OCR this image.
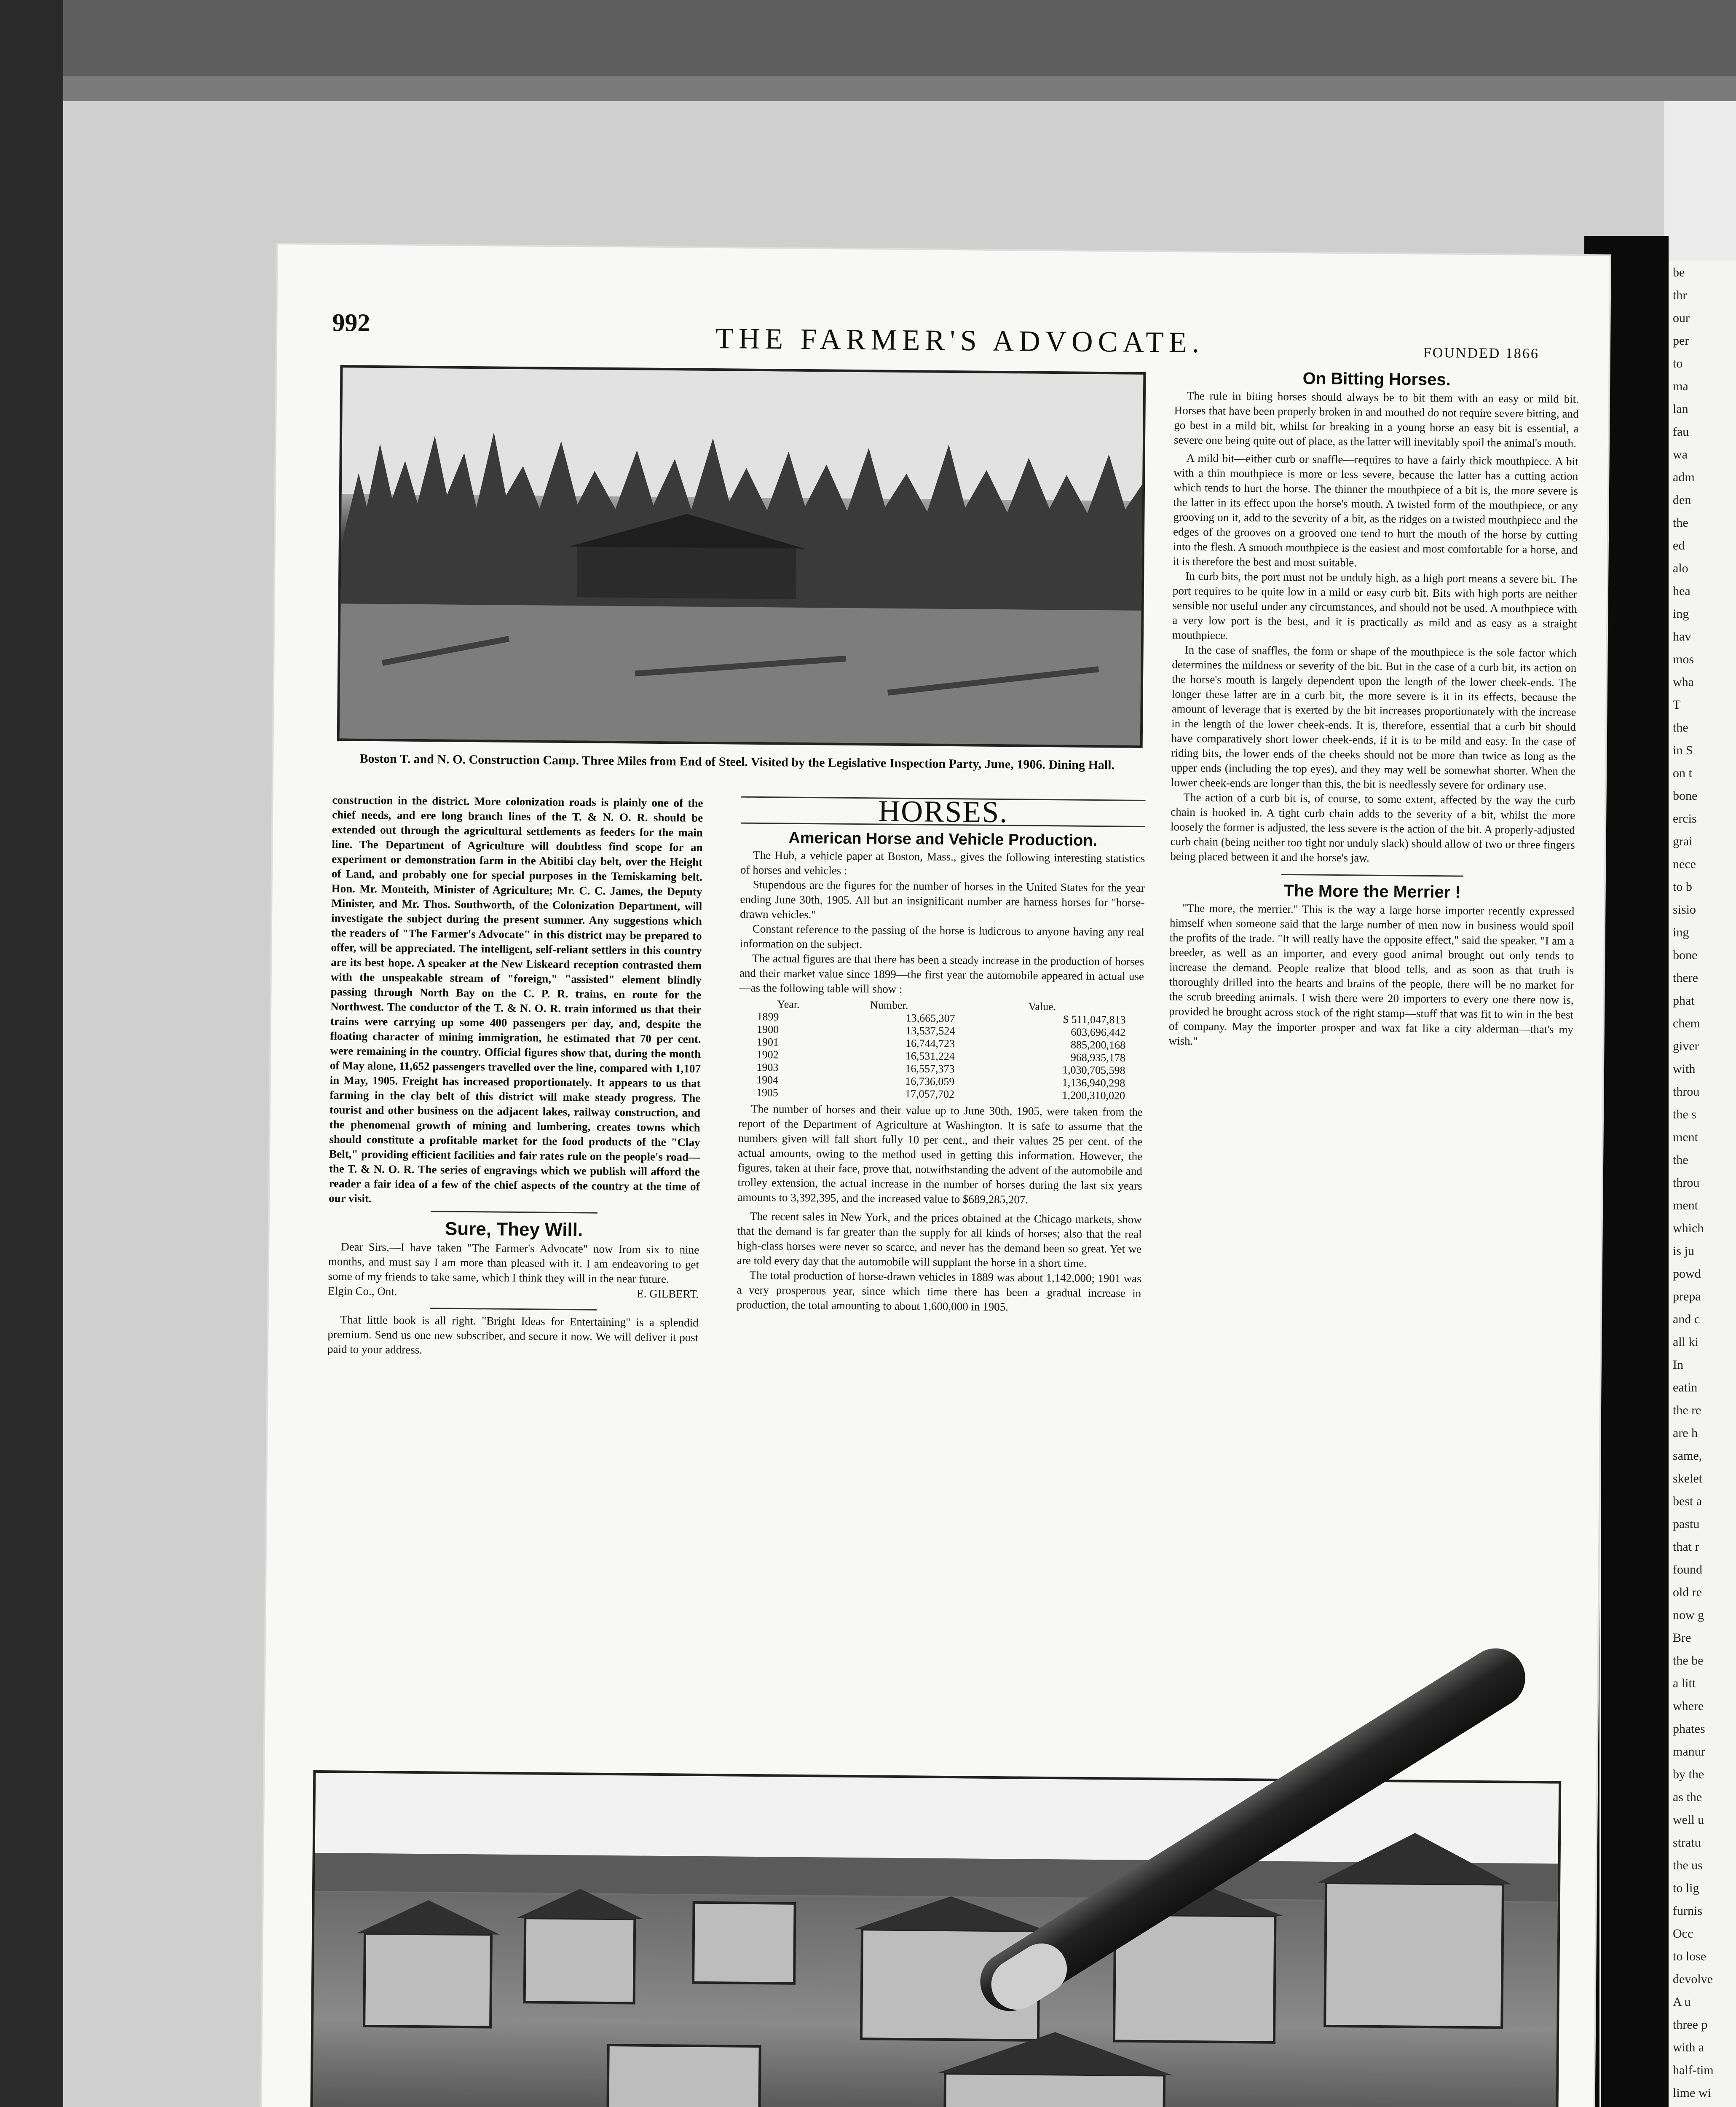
be
thr
our
per
to
ma
lan
fau
wa
adm
den
the
ed
alo
hea
ing
hav
mos
wha
T
the
in S
on t
bone
ercis
grai
nece
to b
sisio
ing
bone
there
phat
chem
giver
with
throu
the s
ment
the
throu
ment
which
is ju
powd
prepa
and c
all ki
In
eatin
the re
are h
same,
skelet
best a
pastu
that r
found
old re
now g
Bre
the be
a litt
where
phates
manur
by the
as the
well u
stratu
the us
to lig
furnis
Occ
to lose
devolve
A u
three p
with a
half-tim
lime wi
992	THE FARMER'S ADVOCATE.	FOUNDED 1866
Boston T. and N. O. Construction Camp. Three Miles from End of Steel. Visited by the Legislative Inspection Party, June, 1906. Dining Hall.

construction in the district. More colonization roads is plainly one of the chief needs, and ere long branch lines of the T. & N. O. R. should be extended out through the agricultural settlements as feeders for the main line. The Department of Agriculture will doubtless find scope for an experiment or demonstration farm in the Abitibi clay belt, over the Height of Land, and probably one for special purposes in the Temiskaming belt. Hon. Mr. Monteith, Minister of Agriculture; Mr. C. C. James, the Deputy Minister, and Mr. Thos. Southworth, of the Colonization Department, will investigate the subject during the present summer. Any suggestions which the readers of "The Farmer's Advocate" in this district may be prepared to offer, will be appreciated. The intelligent, self-reliant settlers in this country are its best hope. A speaker at the New Liskeard reception contrasted them with the unspeakable stream of "foreign," "assisted" element blindly passing through North Bay on the C. P. R. trains, en route for the Northwest. The conductor of the T. & N. O. R. train informed us that their trains were carrying up some 400 passengers per day, and, despite the floating character of mining immigration, he estimated that 70 per cent. were remaining in the country. Official figures show that, during the month of May alone, 11,652 passengers travelled over the line, compared with 1,107 in May, 1905. Freight has increased proportionately. It appears to us that farming in the clay belt of this district will make steady progress. The tourist and other business on the adjacent lakes, railway construction, and the phenomenal growth of mining and lumbering, creates towns which should constitute a profitable market for the food products of the "Clay Belt," providing efficient facilities and fair rates rule on the people's road—the T. & N. O. R. The series of engravings which we publish will afford the reader a fair idea of a few of the chief aspects of the country at the time of our visit.

Sure, They Will.

Dear Sirs,—I have taken "The Farmer's Advocate" now from six to nine months, and must say I am more than pleased with it. I am endeavoring to get some of my friends to take same, which I think they will in the near future.

Elgin Co., Ont.	E. GILBERT.

That little book is all right. "Bright Ideas for Entertaining" is a splendid premium. Send us one new subscriber, and secure it now. We will deliver it post paid to your address.

HORSES.
American Horse and Vehicle Production.

The Hub, a vehicle paper at Boston, Mass., gives the following interesting statistics of horses and vehicles :

Stupendous are the figures for the number of horses in the United States for the year ending June 30th, 1905. All but an insignificant number are harness horses for "horse-drawn vehicles."

Constant reference to the passing of the horse is ludicrous to anyone having any real information on the subject.

The actual figures are that there has been a steady increase in the production of horses and their market value since 1899—the first year the automobile appeared in actual use—as the following table will show :

Year.	Number.	Value.
1899	13,665,307	$ 511,047,813
1900	13,537,524	603,696,442
1901	16,744,723	885,200,168
1902	16,531,224	968,935,178
1903	16,557,373	1,030,705,598
1904	16,736,059	1,136,940,298
1905	17,057,702	1,200,310,020

The number of horses and their value up to June 30th, 1905, were taken from the report of the Department of Agriculture at Washington. It is safe to assume that the numbers given will fall short fully 10 per cent., and their values 25 per cent. of the actual amounts, owing to the method used in getting this information. However, the figures, taken at their face, prove that, notwithstanding the advent of the automobile and trolley extension, the actual increase in the number of horses during the last six years amounts to 3,392,395, and the increased value to $689,285,207.

The recent sales in New York, and the prices obtained at the Chicago markets, show that the demand is far greater than the supply for all kinds of horses; also that the real high-class horses were never so scarce, and never has the demand been so great. Yet we are told every day that the automobile will supplant the horse in a short time.

The total production of horse-drawn vehicles in 1889 was about 1,142,000; 1901 was a very prosperous year, since which time there has been a gradual increase in production, the total amounting to about 1,600,000 in 1905.

On Bitting Horses.

The rule in biting horses should always be to bit them with an easy or mild bit. Horses that have been properly broken in and mouthed do not require severe bitting, and go best in a mild bit, whilst for breaking in a young horse an easy bit is essential, a severe one being quite out of place, as the latter will inevitably spoil the animal's mouth.

A mild bit—either curb or snaffle—requires to have a fairly thick mouthpiece. A bit with a thin mouthpiece is more or less severe, because the latter has a cutting action which tends to hurt the horse. The thinner the mouthpiece of a bit is, the more severe is the latter in its effect upon the horse's mouth. A twisted form of the mouthpiece, or any grooving on it, add to the severity of a bit, as the ridges on a twisted mouthpiece and the edges of the grooves on a grooved one tend to hurt the mouth of the horse by cutting into the flesh. A smooth mouthpiece is the easiest and most comfortable for a horse, and it is therefore the best and most suitable.

In curb bits, the port must not be unduly high, as a high port means a severe bit. The port requires to be quite low in a mild or easy curb bit. Bits with high ports are neither sensible nor useful under any circumstances, and should not be used. A mouthpiece with a very low port is the best, and it is practically as mild and as easy as a straight mouthpiece.

In the case of snaffles, the form or shape of the mouthpiece is the sole factor which determines the mildness or severity of the bit. But in the case of a curb bit, its action on the horse's mouth is largely dependent upon the length of the lower cheek-ends. The longer these latter are in a curb bit, the more severe is it in its effects, because the amount of leverage that is exerted by the bit increases proportionately with the increase in the length of the lower cheek-ends. It is, therefore, essential that a curb bit should have comparatively short lower cheek-ends, if it is to be mild and easy. In the case of riding bits, the lower ends of the cheeks should not be more than twice as long as the upper ends (including the top eyes), and they may well be somewhat shorter. When the lower cheek-ends are longer than this, the bit is needlessly severe for ordinary use.

The action of a curb bit is, of course, to some extent, affected by the way the curb chain is hooked in. A tight curb chain adds to the severity of a bit, whilst the more loosely the former is adjusted, the less severe is the action of the bit. A properly-adjusted curb chain (being neither too tight nor unduly slack) should allow of two or three fingers being placed between it and the horse's jaw.

The More the Merrier !

"The more, the merrier." This is the way a large horse importer recently expressed himself when someone said that the large number of men now in business would spoil the profits of the trade. "It will really have the opposite effect," said the speaker. "I am a breeder, as well as an importer, and every good animal brought out only tends to increase the demand. People realize that blood tells, and as soon as that truth is thoroughly drilled into the hearts and brains of the people, there will be no market for the scrub breeding animals. I wish there were 20 importers to every one there now is, provided he brought across stock of the right stamp—stuff that was fit to win in the best of company. May the importer prosper and wax fat like a city alderman—that's my wish."
